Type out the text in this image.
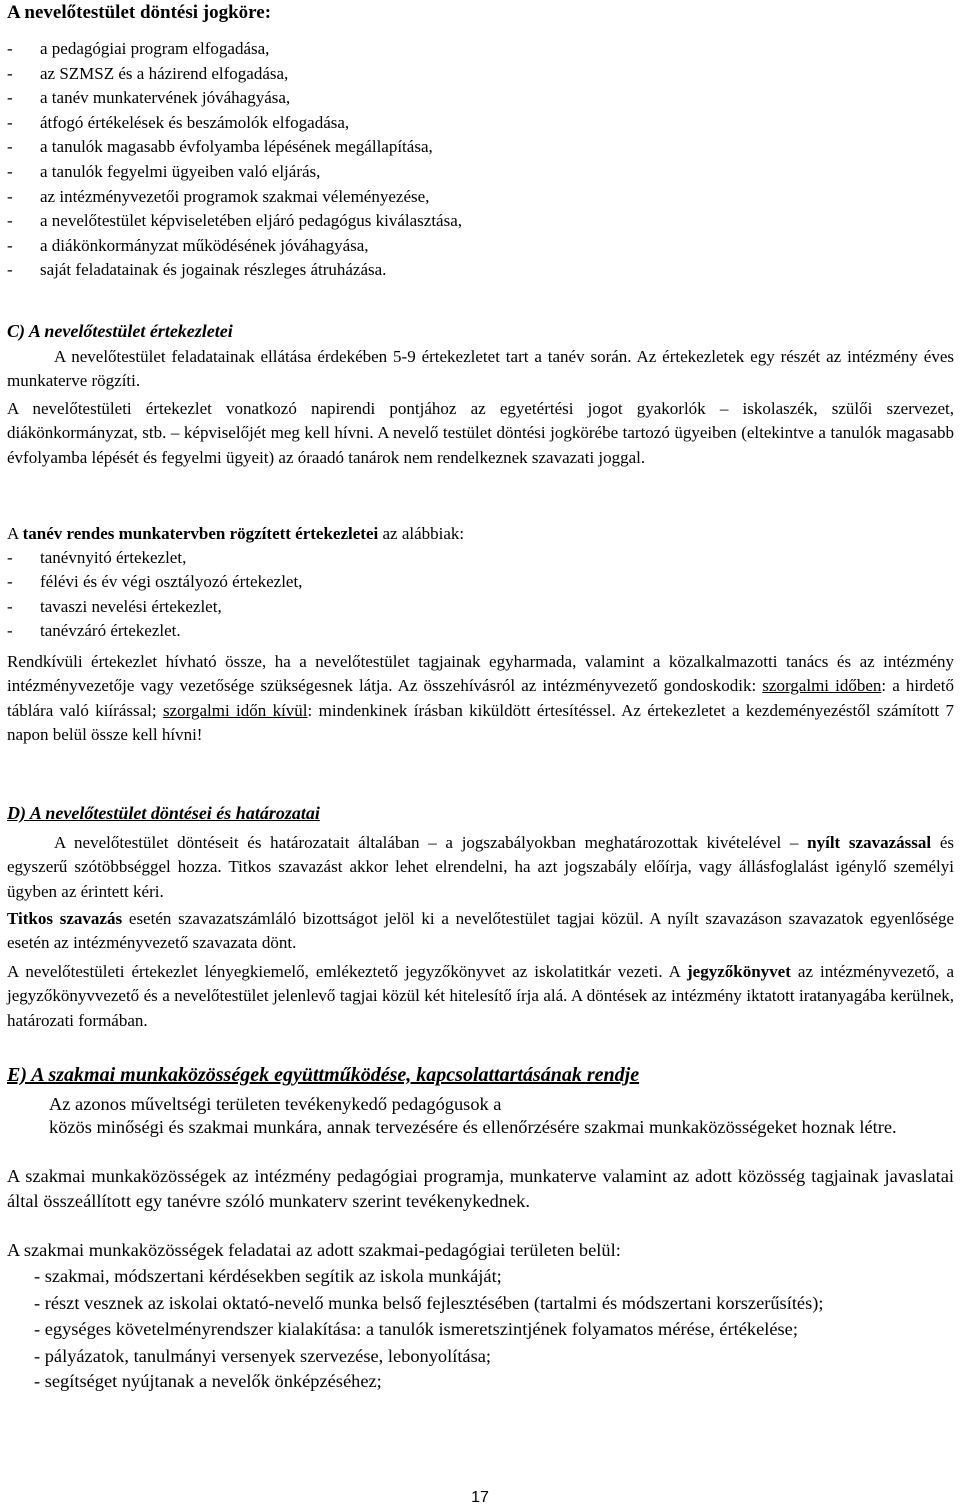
A nevelőtestület döntési jogköre:
- a pedagógiai program elfogadása,
- az SZMSZ és a házirend elfogadása,
- a tanév munkatervének jóváhagyása,
- átfogó értékelések és beszámolók elfogadása,
- a tanulók magasabb évfolyamba lépésének megállapítása,
- a tanulók fegyelmi ügyeiben való eljárás,
- az intézményvezetői programok szakmai véleményezése,
- a nevelőtestület képviseletében eljáró pedagógus kiválasztása,
- a diákönkormányzat működésének jóváhagyása,
- saját feladatainak és jogainak részleges átruházása.
C) A nevelőtestület értekezletei
A nevelőtestület feladatainak ellátása érdekében 5-9 értekezletet tart a tanév során. Az értekezletek egy részét az intézmény éves munkaterve rögzíti.
A nevelőtestületi értekezlet vonatkozó napirendi pontjához az egyetértési jogot gyakorlók – iskolaszék, szülői szervezet, diákönkormányzat, stb. – képviselőjét meg kell hívni. A nevelő testület döntési jogkörébe tartozó ügyeiben (eltekintve a tanulók magasabb évfolyamba lépését és fegyelmi ügyeit) az óraadó tanárok nem rendelkeznek szavazati joggal.
A tanév rendes munkatervben rögzített értekezletei az alábbiak:
- tanévnyitó értekezlet,
- félévi és év végi osztályozó értekezlet,
- tavaszi nevelési értekezlet,
- tanévzáró értekezlet.
Rendkívüli értekezlet hívható össze, ha a nevelőtestület tagjainak egyharmada, valamint a közalkalmazotti tanács és az intézmény intézményvezetője vagy vezetősége szükségesnek látja. Az összehívásról az intézményvezető gondoskodik: szorgalmi időben: a hirdető táblára való kiírással; szorgalmi időn kívül: mindenkinek írásban kiküldött értesítéssel. Az értekezletet a kezdeményezéstől számított 7 napon belül össze kell hívni!
D) A nevelőtestület döntései és határozatai
A nevelőtestület döntéseit és határozatait általában – a jogszabályokban meghatározottak kivételével – nyílt szavazással és egyszerű szótöbbséggel hozza. Titkos szavazást akkor lehet elrendelni, ha azt jogszabály előírja, vagy állásfoglalást igénylő személyi ügyben az érintett kéri.
Titkos szavazás esetén szavazatszámláló bizottságot jelöl ki a nevelőtestület tagjai közül. A nyílt szavazáson szavazatok egyenlősége esetén az intézményvezető szavazata dönt.
A nevelőtestületi értekezlet lényegkiemelő, emlékeztető jegyzőkönyvet az iskolatitkár vezeti. A jegyzőkönyvet az intézményvezető, a jegyzőkönyvvezető és a nevelőtestület jelenlevő tagjai közül két hitelesítő írja alá. A döntések az intézmény iktatott iratanyagába kerülnek, határozati formában.
E) A szakmai munkaközösségek együttműködése, kapcsolattartásának rendje
Az azonos műveltségi területen tevékenykedő pedagógusok a
közös minőségi és szakmai munkára, annak tervezésére és ellenőrzésére szakmai munkaközösségeket hoznak létre.
A szakmai munkaközösségek az intézmény pedagógiai programja, munkaterve valamint az adott közösség tagjainak javaslatai által összeállított egy tanévre szóló munkaterv szerint tevékenykednek.
A szakmai munkaközösségek feladatai az adott szakmai-pedagógiai területen belül:

- szakmai, módszertani kérdésekben segítik az iskola munkáját;

- részt vesznek az iskolai oktató-nevelő munka belső fejlesztésében (tartalmi és módszertani korszerűsítés);

- egységes követelményrendszer kialakítása: a tanulók ismeretszintjének folyamatos mérése, értékelése;

- pályázatok, tanulmányi versenyek szervezése, lebonyolítása;

- segítséget nyújtanak a nevelők önképzéséhez;

17
